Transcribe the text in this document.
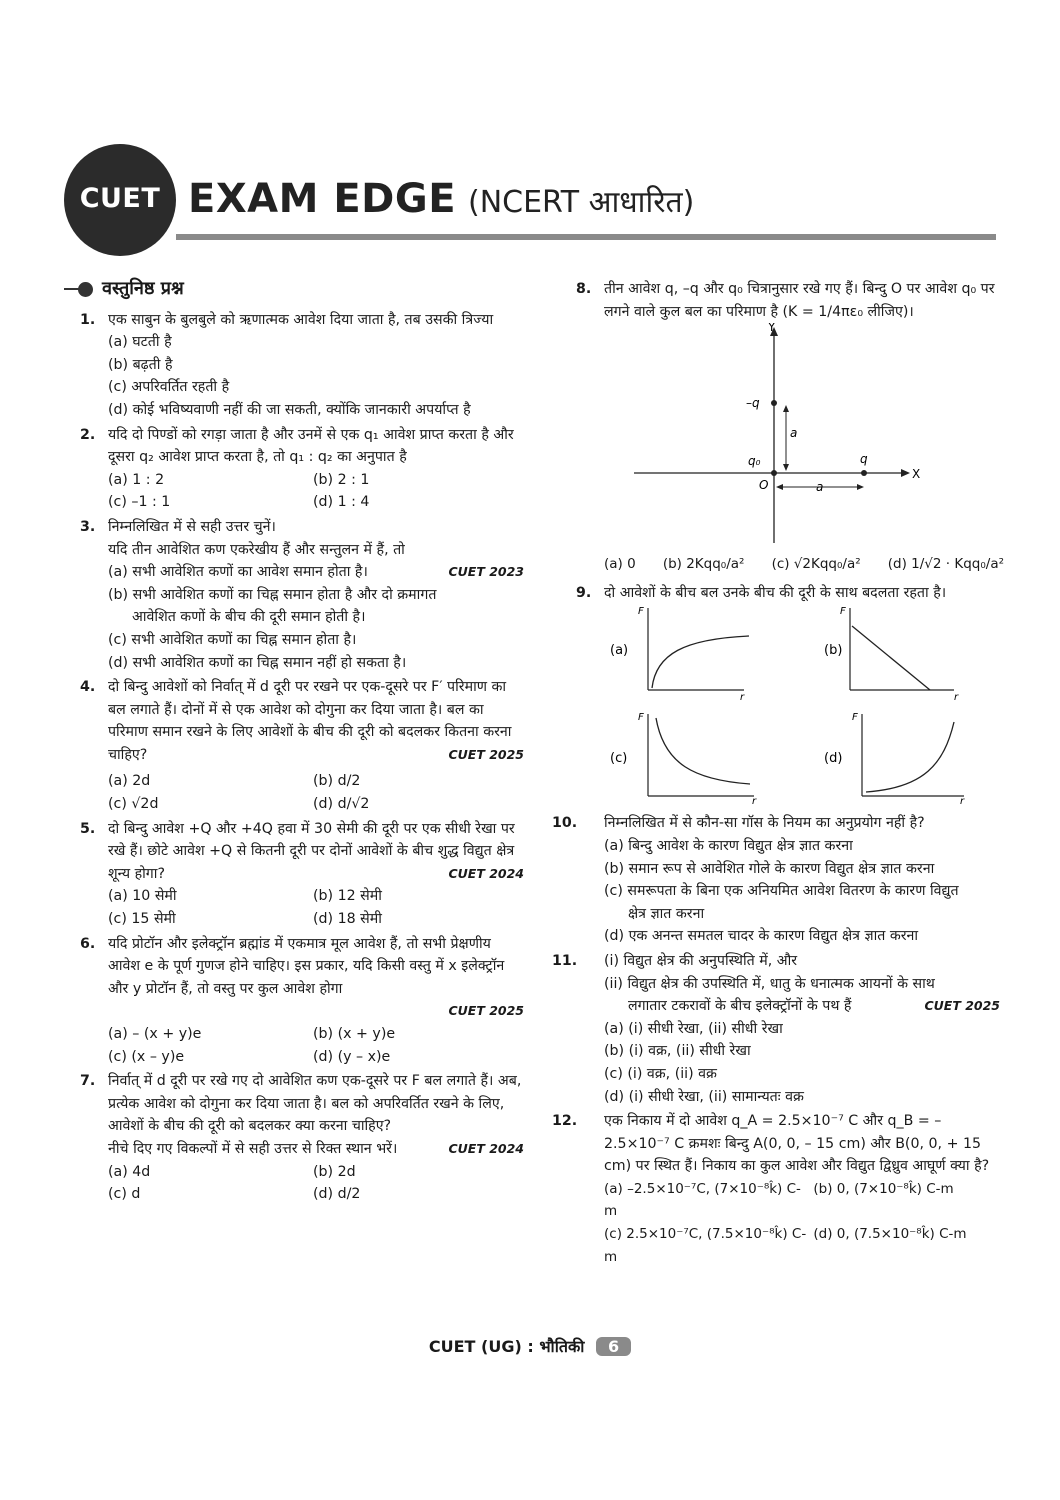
CUET EXAM EDGE (NCERT आधारित)
वस्तुनिष्ठ प्रश्न
1. एक साबुन के बुलबुले को ऋणात्मक आवेश दिया जाता है, तब उसकी त्रिज्या
(a) घटती है
(b) बढ़ती है
(c) अपरिवर्तित रहती है
(d) कोई भविष्यवाणी नहीं की जा सकती, क्योंकि जानकारी अपर्याप्त है
2. यदि दो पिण्डों को रगड़ा जाता है और उनमें से एक q₁ आवेश प्राप्त करता है और दूसरा q₂ आवेश प्राप्त करता है, तो q₁ : q₂ का अनुपात है
(a) 1 : 2	(b) 2 : 1
(c) –1 : 1	(d) 1 : 4
3. निम्नलिखित में से सही उत्तर चुनें।
यदि तीन आवेशित कण एकरेखीय हैं और सन्तुलन में हैं, तो
CUET 2023
(a) सभी आवेशित कणों का आवेश समान होता है।
(b) सभी आवेशित कणों का चिह्न समान होता है और दो क्रमागत
आवेशित कणों के बीच की दूरी समान होती है।
(c) सभी आवेशित कणों का चिह्न समान होता है।
(d) सभी आवेशित कणों का चिह्न समान नहीं हो सकता है।
4. दो बिन्दु आवेशों को निर्वात् में d दूरी पर रखने पर एक-दूसरे पर F′ परिमाण का बल लगाते हैं। दोनों में से एक आवेश को दोगुना कर दिया जाता है। बल का परिमाण समान रखने के लिए आवेशों के बीच की दूरी को बदलकर कितना करना चाहिए?	CUET 2025
(a) 2d	(b) d/2
(c) √2d	(d) d/√2
5. दो बिन्दु आवेश +Q और +4Q हवा में 30 सेमी की दूरी पर एक सीधी रेखा पर रखे हैं। छोटे आवेश +Q से कितनी दूरी पर दोनों आवेशों के बीच शुद्ध विद्युत क्षेत्र शून्य होगा?	CUET 2024
(a) 10 सेमी	(b) 12 सेमी
(c) 15 सेमी	(d) 18 सेमी
6. यदि प्रोटॉन और इलेक्ट्रॉन ब्रह्मांड में एकमात्र मूल आवेश हैं, तो सभी प्रेक्षणीय आवेश e के पूर्ण गुणज होने चाहिए। इस प्रकार, यदि किसी वस्तु में x इलेक्ट्रॉन और y प्रोटॉन हैं, तो वस्तु पर कुल आवेश होगा
CUET 2025
(a) – (x + y)e	(b) (x + y)e
(c) (x – y)e	(d) (y – x)e
7. निर्वात् में d दूरी पर रखे गए दो आवेशित कण एक-दूसरे पर F बल लगाते हैं। अब, प्रत्येक आवेश को दोगुना कर दिया जाता है। बल को अपरिवर्तित रखने के लिए, आवेशों के बीच की दूरी को बदलकर क्या करना चाहिए?
नीचे दिए गए विकल्पों में से सही उत्तर से रिक्त स्थान भरें।	CUET 2024
(a) 4d	(b) 2d
(c) d	(d) d/2
8. तीन आवेश q, –q और q₀ चित्रानुसार रखे गए हैं। बिन्दु O पर आवेश q₀ पर लगने वाले कुल बल का परिमाण है (K = 1/4πε₀ लीजिए)।
Y
X
–q
q₀
O
q
a
a
(a) 0 (b) 2Kqq₀/a² (c) √2Kqq₀/a² (d) 1/√2 · Kqq₀/a²
9. दो आवेशों के बीच बल उनके बीच की दूरी के साथ बदलता रहता है।
(a)
F
r
(b)
F
r
(c)
F
r
(d)
F
r
10. निम्नलिखित में से कौन-सा गॉस के नियम का अनुप्रयोग नहीं है?
(a) बिन्दु आवेश के कारण विद्युत क्षेत्र ज्ञात करना
(b) समान रूप से आवेशित गोले के कारण विद्युत क्षेत्र ज्ञात करना
(c) समरूपता के बिना एक अनियमित आवेश वितरण के कारण विद्युत
क्षेत्र ज्ञात करना
(d) एक अनन्त समतल चादर के कारण विद्युत क्षेत्र ज्ञात करना
11. (i) विद्युत क्षेत्र की अनुपस्थिति में, और
(ii) विद्युत क्षेत्र की उपस्थिति में, धातु के धनात्मक आयनों के साथ
लगातार टकरावों के बीच इलेक्ट्रॉनों के पथ हैं	CUET 2025
(a) (i) सीधी रेखा, (ii) सीधी रेखा
(b) (i) वक्र, (ii) सीधी रेखा
(c) (i) वक्र, (ii) वक्र
(d) (i) सीधी रेखा, (ii) सामान्यतः वक्र
12. एक निकाय में दो आवेश q_A = 2.5×10⁻⁷ C और q_B = –2.5×10⁻⁷ C क्रमशः बिन्दु A(0, 0, – 15 cm) और B(0, 0, + 15 cm) पर स्थित हैं। निकाय का कुल आवेश और विद्युत द्विध्रुव आघूर्ण क्या है?
(a) –2.5×10⁻⁷C, (7×10⁻⁸k̂) C-m
(b) 0, (7×10⁻⁸k̂) C-m
(c) 2.5×10⁻⁷C, (7.5×10⁻⁸k̂) C-m
(d) 0, (7.5×10⁻⁸k̂) C-m
CUET (UG) : भौतिकी 6
